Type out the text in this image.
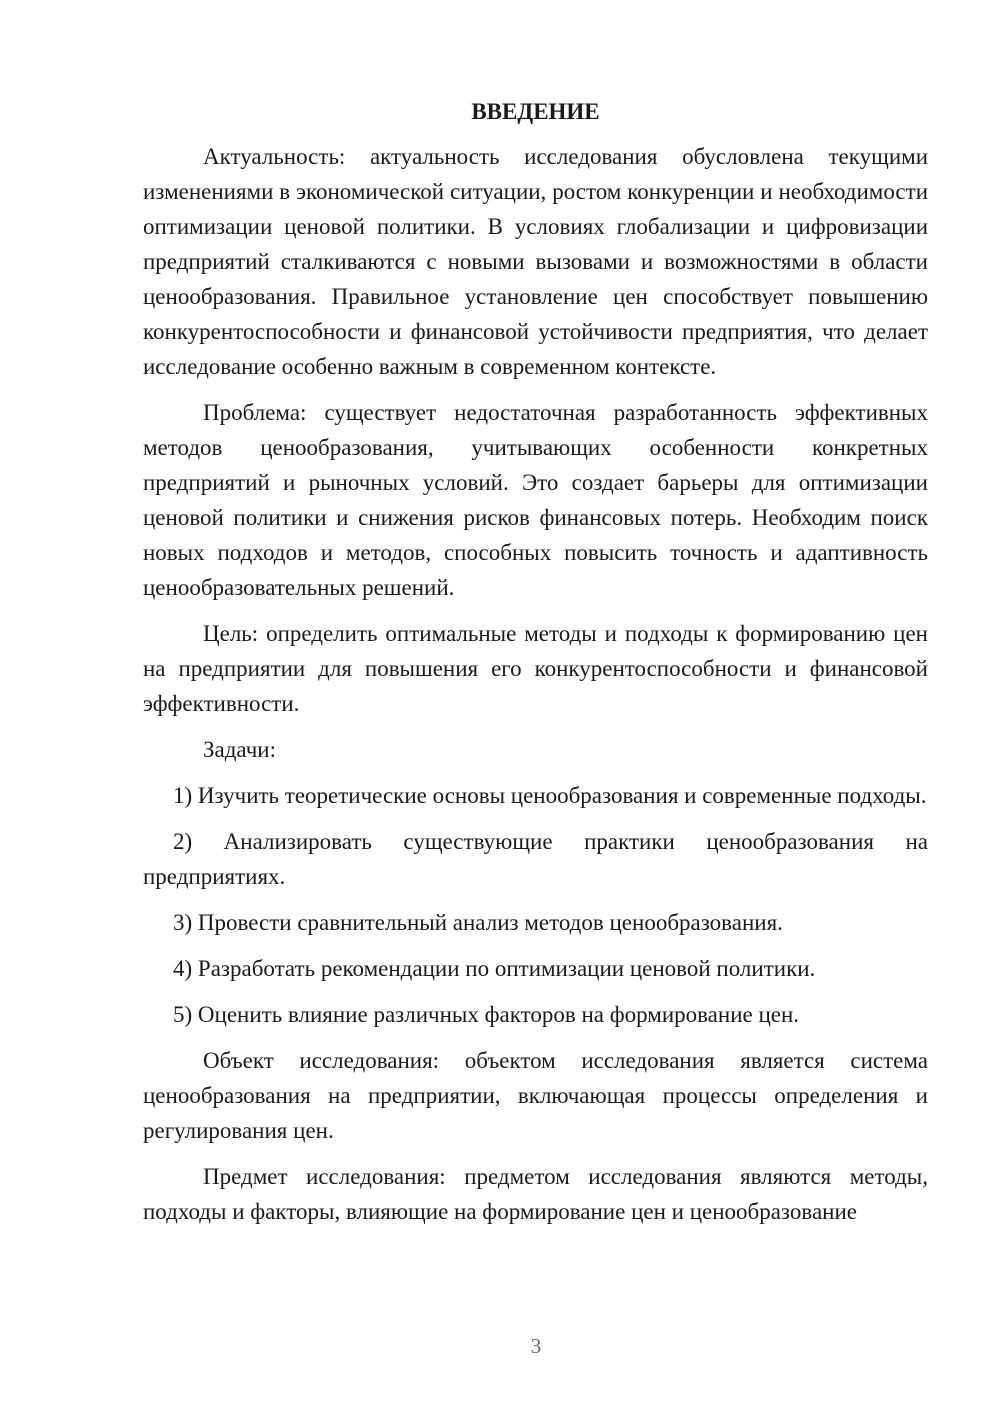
ВВЕДЕНИЕ

Актуальность: актуальность исследования обусловлена текущими изменениями в экономической ситуации, ростом конкуренции и необходимости оптимизации ценовой политики. В условиях глобализации и цифровизации предприятий сталкиваются с новыми вызовами и возможностями в области ценообразования. Правильное установление цен способствует повышению конкурентоспособности и финансовой устойчивости предприятия, что делает исследование особенно важным в современном контексте.

Проблема: существует недостаточная разработанность эффективных методов ценообразования, учитывающих особенности конкретных предприятий и рыночных условий. Это создает барьеры для оптимизации ценовой политики и снижения рисков финансовых потерь. Необходим поиск новых подходов и методов, способных повысить точность и адаптивность ценообразовательных решений.

Цель: определить оптимальные методы и подходы к формированию цен на предприятии для повышения его конкурентоспособности и финансовой эффективности.

Задачи:

1) Изучить теоретические основы ценообразования и современные подходы.

2) Анализировать существующие практики ценообразования на предприятиях.

3) Провести сравнительный анализ методов ценообразования.

4) Разработать рекомендации по оптимизации ценовой политики.

5) Оценить влияние различных факторов на формирование цен.

Объект исследования: объектом исследования является система ценообразования на предприятии, включающая процессы определения и регулирования цен.

Предмет исследования: предметом исследования являются методы, подходы и факторы, влияющие на формирование цен и ценообразование

3
